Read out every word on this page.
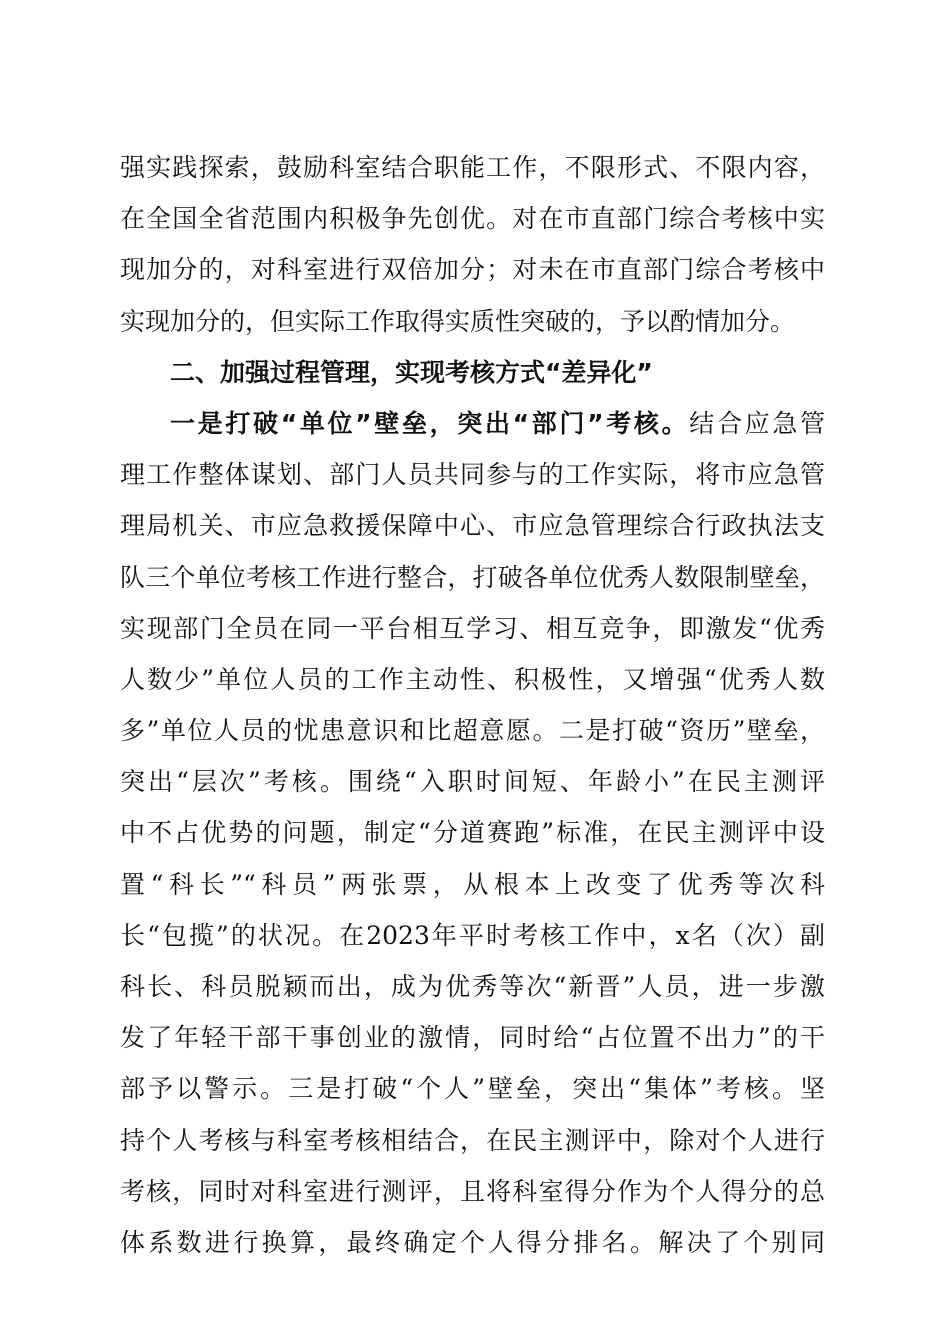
强实践探索，鼓励科室结合职能工作，不限形式、不限内容，
在全国全省范围内积极争先创优。对在市直部门综合考核中实
现加分的，对科室进行双倍加分；对未在市直部门综合考核中
实现加分的，但实际工作取得实质性突破的，予以酌情加分。
二、加强过程管理，实现考核方式“差异化”
一是打破“单位”壁垒，突出“部门”考核。结合应急管
理工作整体谋划、部门人员共同参与的工作实际，将市应急管
理局机关、市应急救援保障中心、市应急管理综合行政执法支
队三个单位考核工作进行整合，打破各单位优秀人数限制壁垒，
实现部门全员在同一平台相互学习、相互竞争，即激发“优秀
人数少”单位人员的工作主动性、积极性，又增强“优秀人数
多”单位人员的忧患意识和比超意愿。二是打破“资历”壁垒，
突出“层次”考核。围绕“入职时间短、年龄小”在民主测评
中不占优势的问题，制定“分道赛跑”标准，在民主测评中设
置“科长”“科员”两张票，从根本上改变了优秀等次科
长“包揽”的状况。在2023年平时考核工作中，x名（次）副
科长、科员脱颖而出，成为优秀等次“新晋”人员，进一步激
发了年轻干部干事创业的激情，同时给“占位置不出力”的干
部予以警示。三是打破“个人”壁垒，突出“集体”考核。坚
持个人考核与科室考核相结合，在民主测评中，除对个人进行
考核，同时对科室进行测评，且将科室得分作为个人得分的总
体系数进行换算，最终确定个人得分排名。解决了个别同
